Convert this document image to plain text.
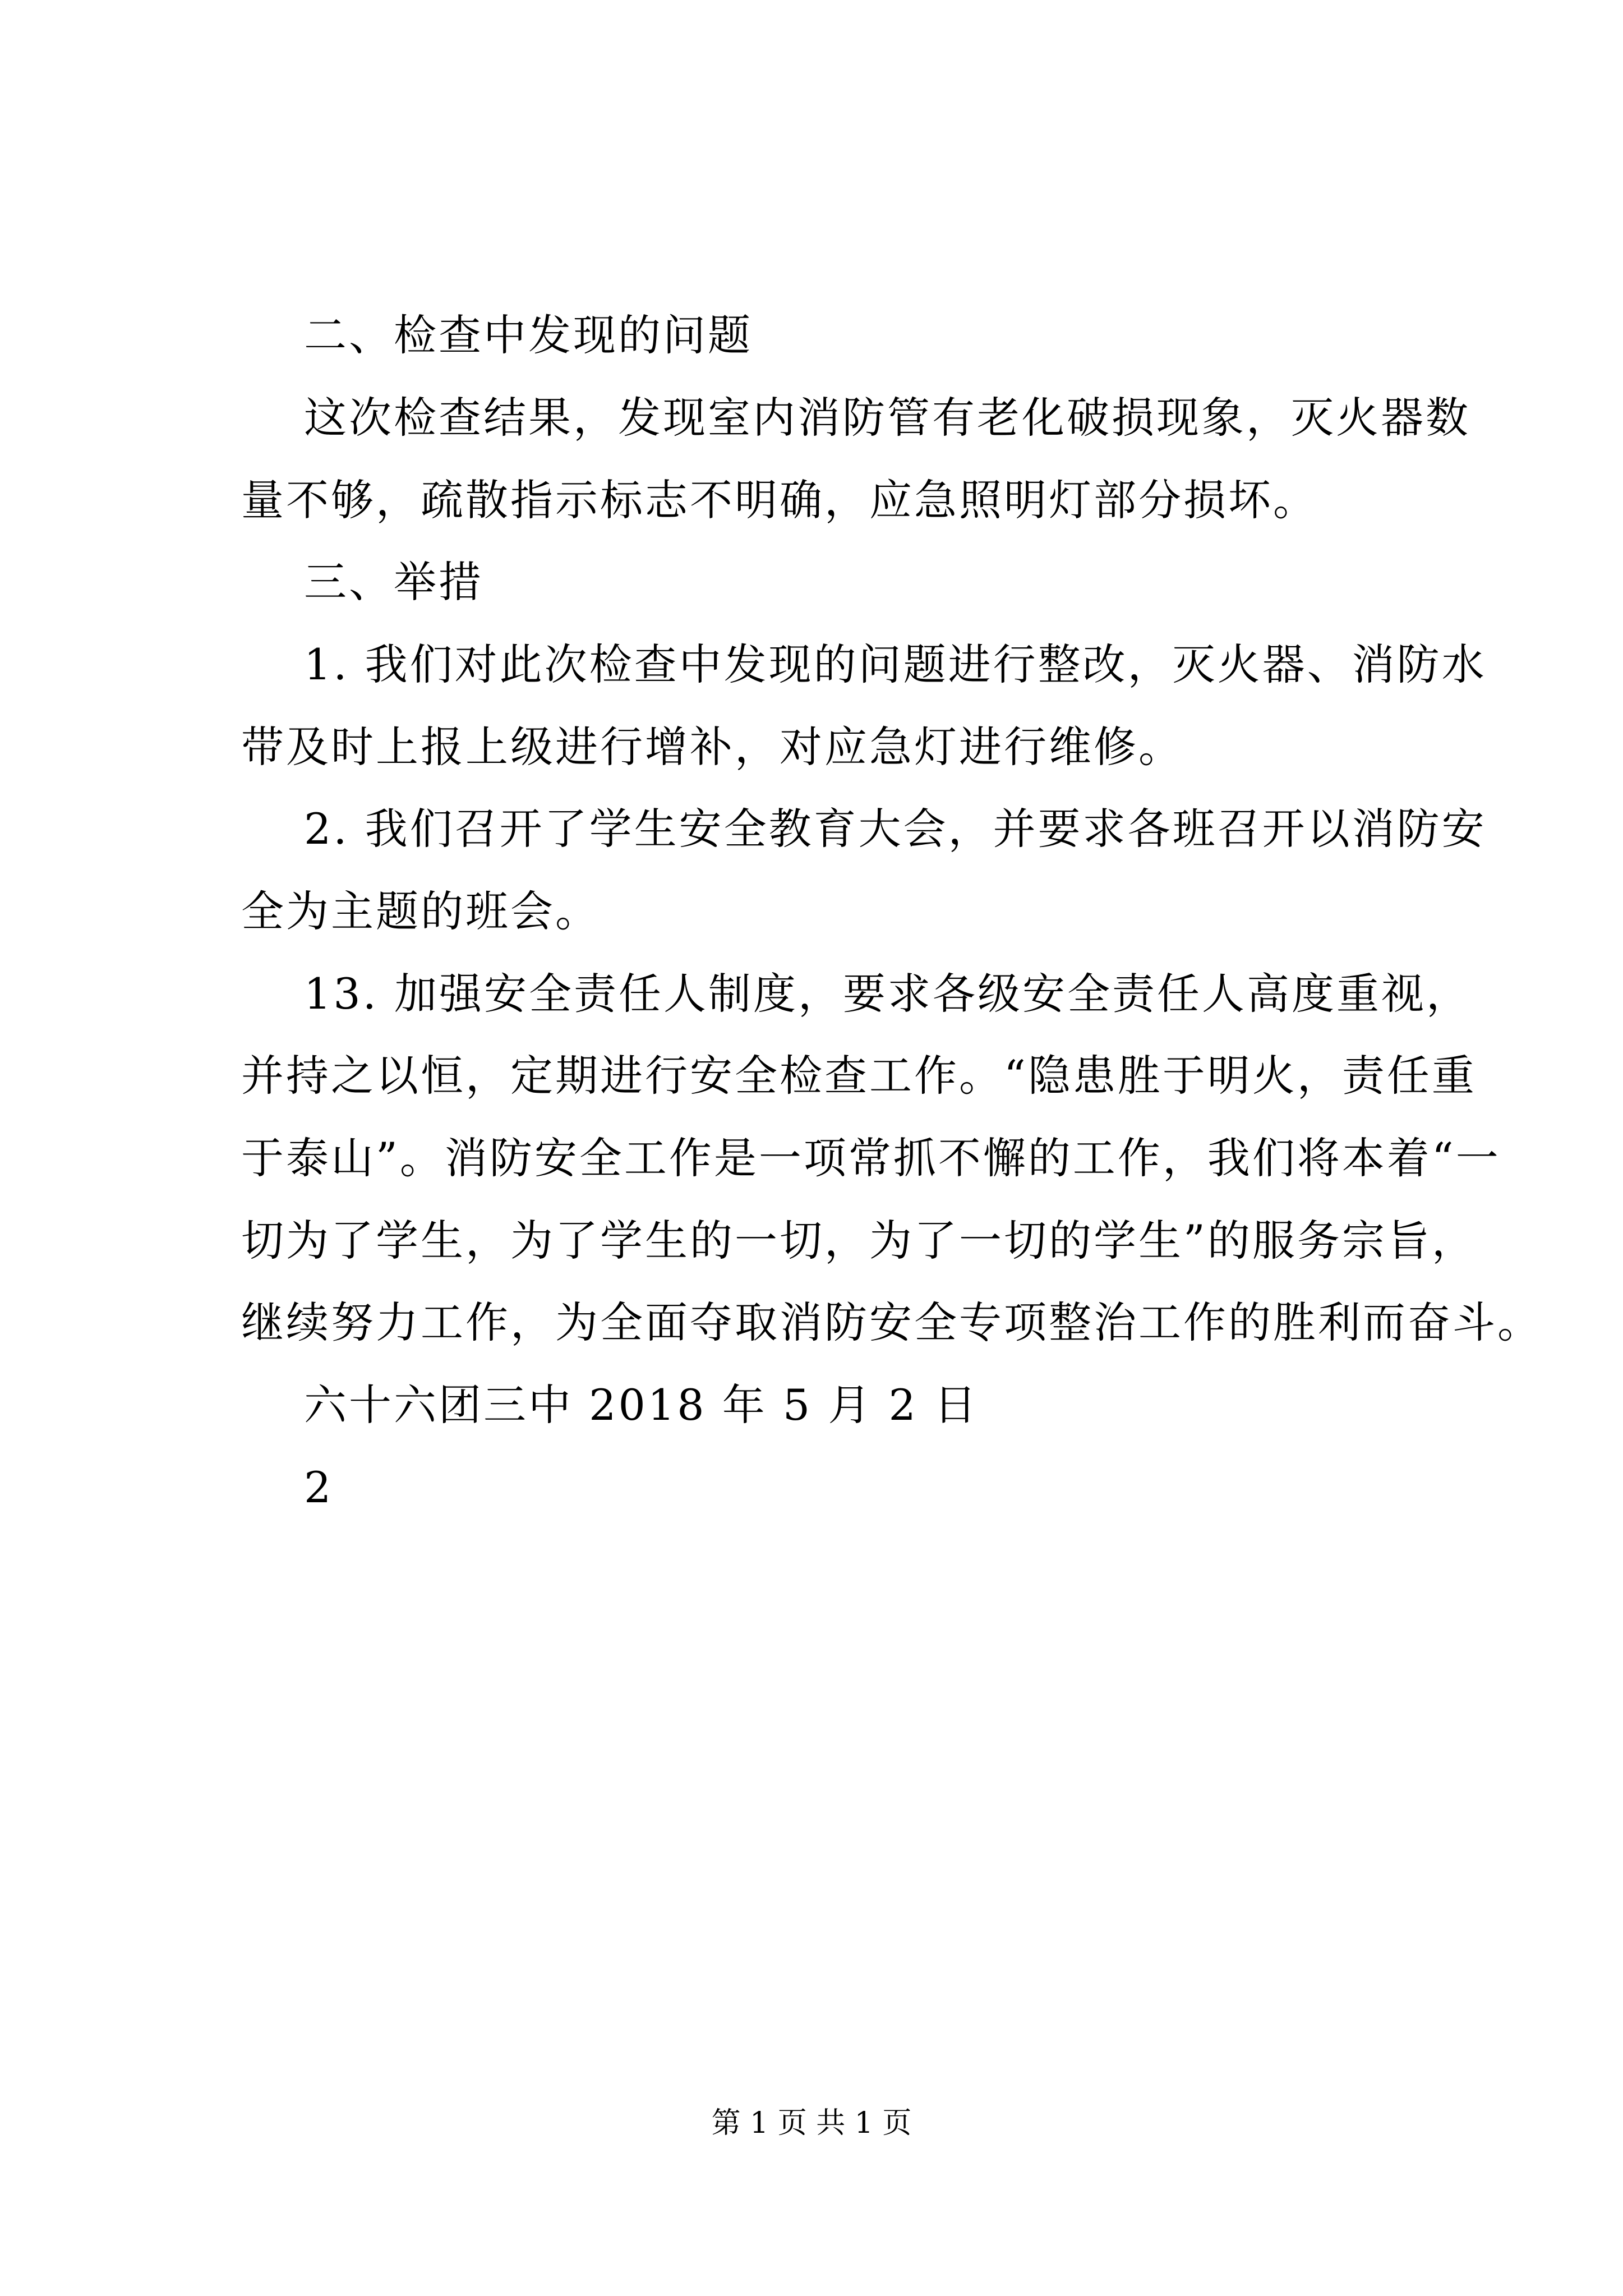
二、检查中发现的问题
这次检查结果，发现室内消防管有老化破损现象，灭火器数
量不够，疏散指示标志不明确，应急照明灯部分损坏。
三、举措
1. 我们对此次检查中发现的问题进行整改，灭火器、消防水
带及时上报上级进行增补，对应急灯进行维修。
2. 我们召开了学生安全教育大会，并要求各班召开以消防安
全为主题的班会。
13. 加强安全责任人制度，要求各级安全责任人高度重视，
并持之以恒，定期进行安全检查工作。“隐患胜于明火，责任重
于泰山”。消防安全工作是一项常抓不懈的工作，我们将本着“一
切为了学生，为了学生的一切，为了一切的学生”的服务宗旨，
继续努力工作，为全面夺取消防安全专项整治工作的胜利而奋斗。
六十六团三中 2018 年 5 月 2 日
2
第 1 页 共 1 页
